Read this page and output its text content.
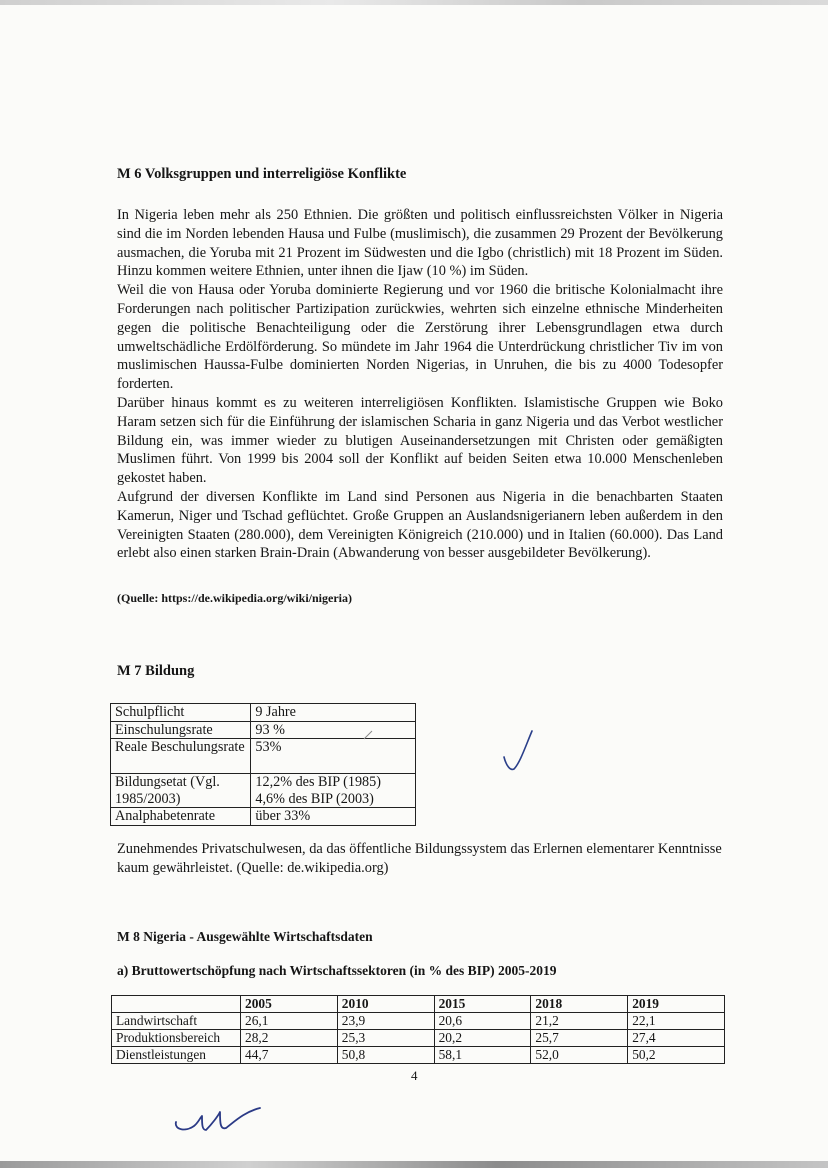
M 6 Volksgruppen und interreligiöse Konflikte

In Nigeria leben mehr als 250 Ethnien. Die größten und politisch einflussreichsten Völker in Nigeria sind die im Norden lebenden Hausa und Fulbe (muslimisch), die zusammen 29 Prozent der Bevölkerung ausmachen, die Yoruba mit 21 Prozent im Südwesten und die Igbo (christlich) mit 18 Prozent im Süden. Hinzu kommen weitere Ethnien, unter ihnen die Ijaw (10 %) im Süden.

Weil die von Hausa oder Yoruba dominierte Regierung und vor 1960 die britische Kolonialmacht ihre Forderungen nach politischer Partizipation zurückwies, wehrten sich einzelne ethnische Minderheiten gegen die politische Benachteiligung oder die Zerstörung ihrer Lebensgrundlagen etwa durch umweltschädliche Erdölförderung. So mündete im Jahr 1964 die Unterdrückung christlicher Tiv im von muslimischen Haussa-Fulbe dominierten Norden Nigerias, in Unruhen, die bis zu 4000 Todesopfer forderten.

Darüber hinaus kommt es zu weiteren interreligiösen Konflikten. Islamistische Gruppen wie Boko Haram setzen sich für die Einführung der islamischen Scharia in ganz Nigeria und das Verbot westlicher Bildung ein, was immer wieder zu blutigen Auseinandersetzungen mit Christen oder gemäßigten Muslimen führt. Von 1999 bis 2004 soll der Konflikt auf beiden Seiten etwa 10.000 Menschenleben gekostet haben.

Aufgrund der diversen Konflikte im Land sind Personen aus Nigeria in die benachbarten Staaten Kamerun, Niger und Tschad geflüchtet. Große Gruppen an Auslandsnigerianern leben außerdem in den Vereinigten Staaten (280.000), dem Vereinigten Königreich (210.000) und in Italien (60.000). Das Land erlebt also einen starken Brain-Drain (Abwanderung von besser ausgebildeter Bevölkerung).

(Quelle: https://de.wikipedia.org/wiki/nigeria)

M 7 Bildung
Schulpflicht	9 Jahre
Einschulungsrate	93 %
Reale Beschulungsrate	53%
Bildungsetat (Vgl. 1985/2003)	12,2% des BIP (1985)
4,6% des BIP (2003)
Analphabetenrate	über 33%

Zunehmendes Privatschulwesen, da das öffentliche Bildungssystem das Erlernen elementarer Kenntnisse kaum gewährleistet. (Quelle: de.wikipedia.org)

M 8 Nigeria - Ausgewählte Wirtschaftsdaten
a) Bruttowertschöpfung nach Wirtschaftssektoren (in % des BIP) 2005-2019
	2005	2010	2015	2018	2019
Landwirtschaft	26,1	23,9	20,6	21,2	22,1
Produktionsbereich	28,2	25,3	20,2	25,7	27,4
Dienstleistungen	44,7	50,8	58,1	52,0	50,2
4
